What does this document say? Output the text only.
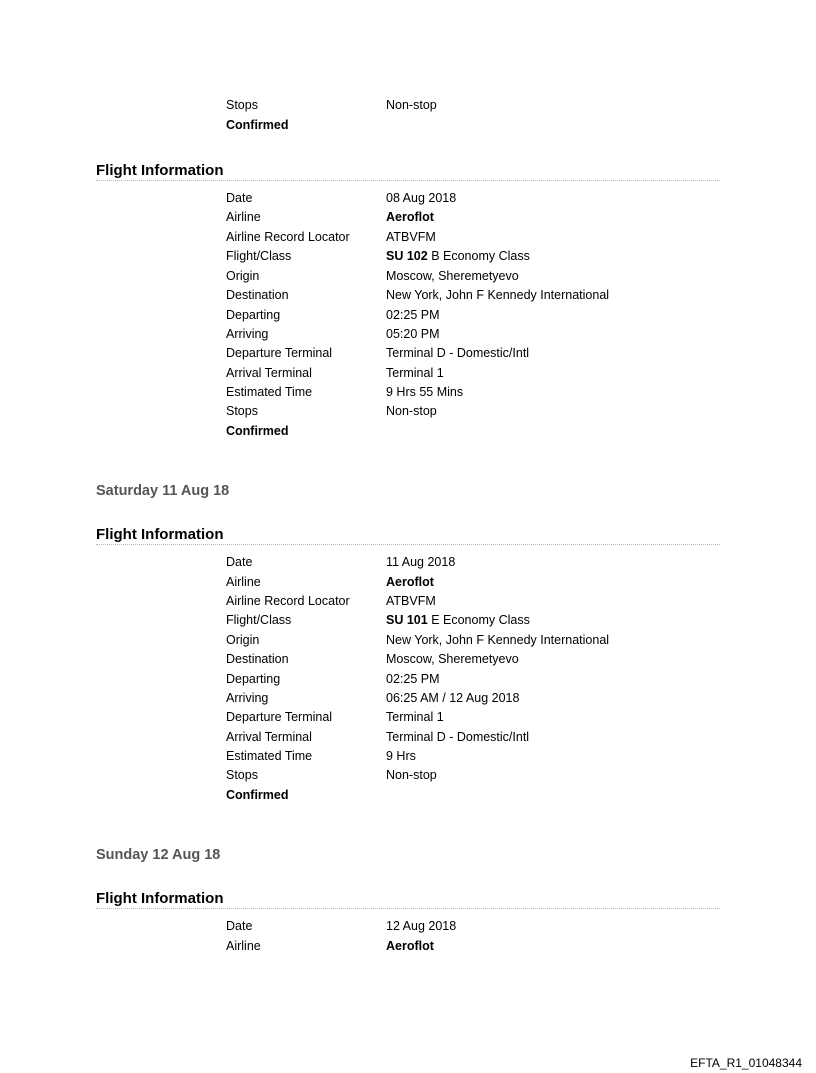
Stops	Non-stop
Confirmed
Flight Information
Date	08 Aug 2018
Airline	Aeroflot
Airline Record Locator	ATBVFM
Flight/Class	SU 102 B Economy Class
Origin	Moscow, Sheremetyevo
Destination	New York, John F Kennedy International
Departing	02:25 PM
Arriving	05:20 PM
Departure Terminal	Terminal D - Domestic/Intl
Arrival Terminal	Terminal 1
Estimated Time	9 Hrs 55 Mins
Stops	Non-stop
Confirmed
Saturday 11 Aug 18
Flight Information
Date	11 Aug 2018
Airline	Aeroflot
Airline Record Locator	ATBVFM
Flight/Class	SU 101 E Economy Class
Origin	New York, John F Kennedy International
Destination	Moscow, Sheremetyevo
Departing	02:25 PM
Arriving	06:25 AM / 12 Aug 2018
Departure Terminal	Terminal 1
Arrival Terminal	Terminal D - Domestic/Intl
Estimated Time	9 Hrs
Stops	Non-stop
Confirmed
Sunday 12 Aug 18
Flight Information
Date	12 Aug 2018
Airline	Aeroflot
EFTA_R1_01048344
